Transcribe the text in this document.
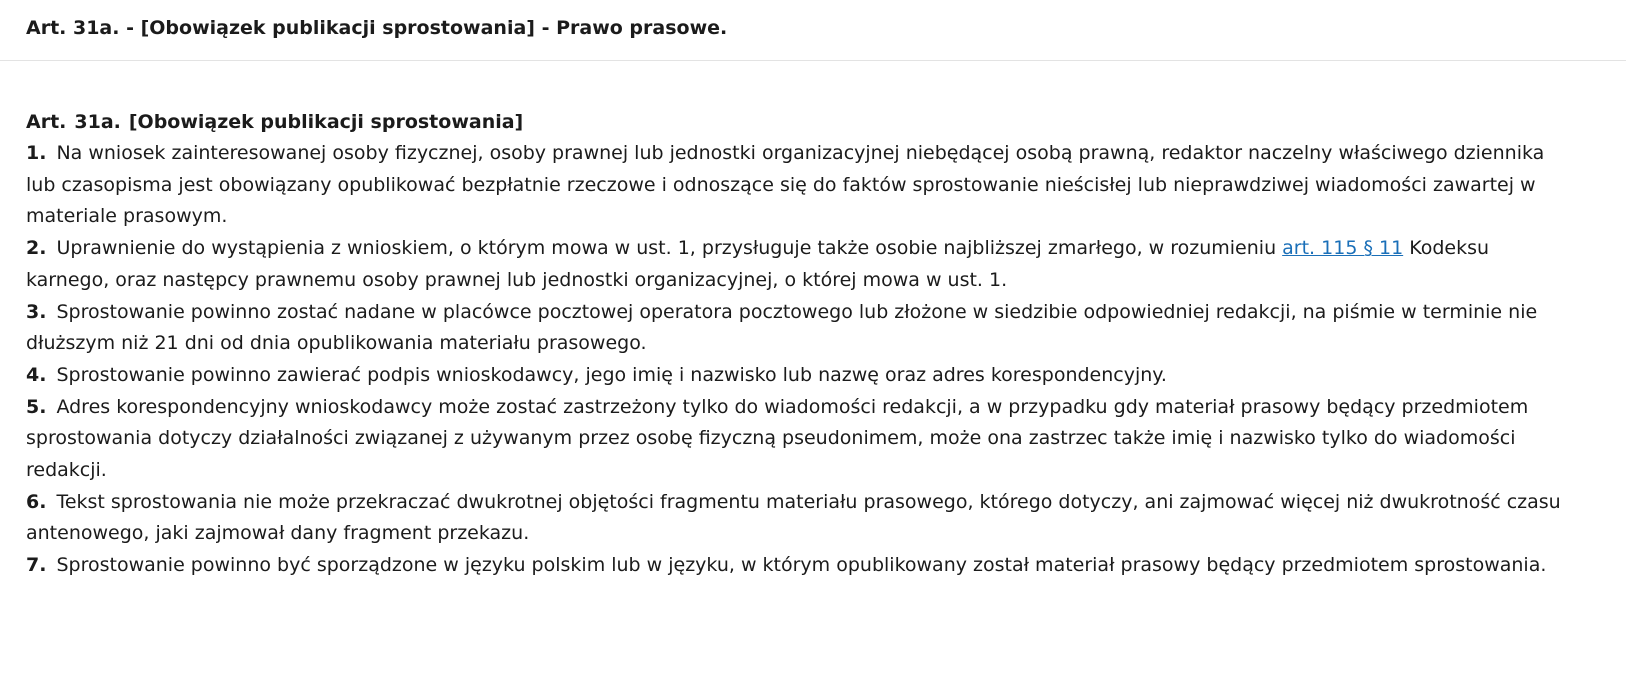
Art. 31a. - [Obowiązek publikacji sprostowania] - Prawo prasowe.
Art. 31a. [Obowiązek publikacji sprostowania]
1. Na wniosek zainteresowanej osoby fizycznej, osoby prawnej lub jednostki organizacyjnej niebędącej osobą prawną, redaktor naczelny właściwego dziennika lub czasopisma jest obowiązany opublikować bezpłatnie rzeczowe i odnoszące się do faktów sprostowanie nieścisłej lub nieprawdziwej wiadomości zawartej w materiale prasowym.
2. Uprawnienie do wystąpienia z wnioskiem, o którym mowa w ust. 1, przysługuje także osobie najbliższej zmarłego, w rozumieniu art. 115 § 11 Kodeksu karnego, oraz następcy prawnemu osoby prawnej lub jednostki organizacyjnej, o której mowa w ust. 1.
3. Sprostowanie powinno zostać nadane w placówce pocztowej operatora pocztowego lub złożone w siedzibie odpowiedniej redakcji, na piśmie w terminie nie dłuższym niż 21 dni od dnia opublikowania materiału prasowego.
4. Sprostowanie powinno zawierać podpis wnioskodawcy, jego imię i nazwisko lub nazwę oraz adres korespondencyjny.
5. Adres korespondencyjny wnioskodawcy może zostać zastrzeżony tylko do wiadomości redakcji, a w przypadku gdy materiał prasowy będący przedmiotem sprostowania dotyczy działalności związanej z używanym przez osobę fizyczną pseudonimem, może ona zastrzec także imię i nazwisko tylko do wiadomości redakcji.
6. Tekst sprostowania nie może przekraczać dwukrotnej objętości fragmentu materiału prasowego, którego dotyczy, ani zajmować więcej niż dwukrotność czasu antenowego, jaki zajmował dany fragment przekazu.
7. Sprostowanie powinno być sporządzone w języku polskim lub w języku, w którym opublikowany został materiał prasowy będący przedmiotem sprostowania.
